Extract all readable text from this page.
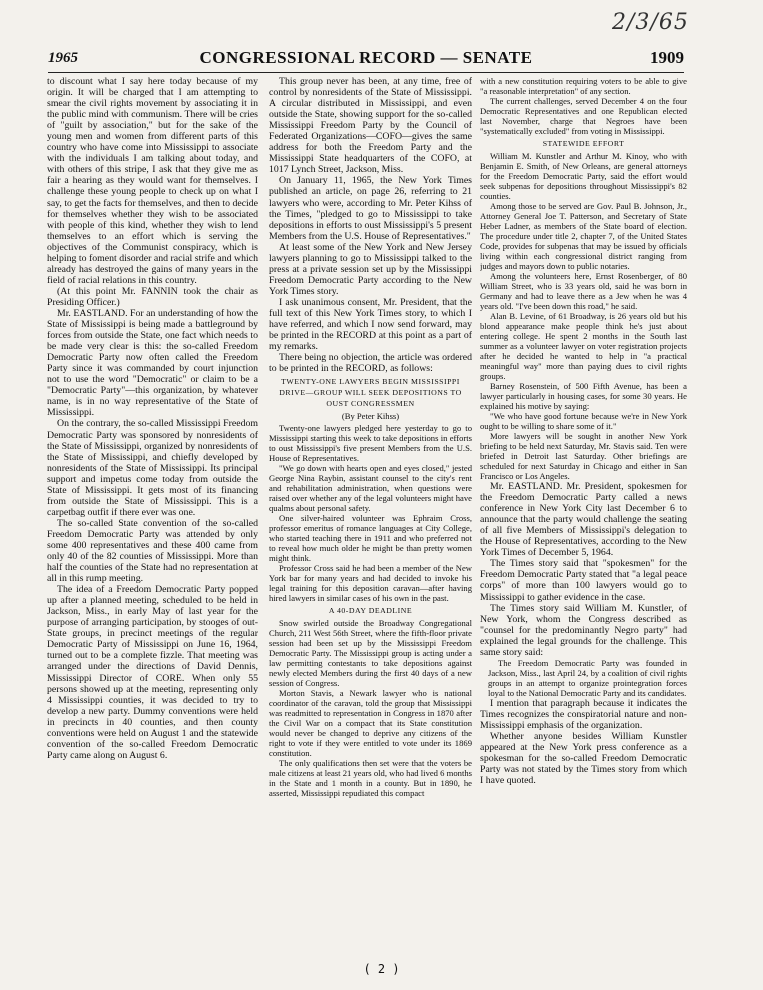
2/3/65
1965	CONGRESSIONAL RECORD — SENATE	1909

to discount what I say here today because of my origin. It will be charged that I am attempting to smear the civil rights movement by associating it in the public mind with communism. There will be cries of "guilt by association," but for the sake of the young men and women from different parts of this country who have come into Mississippi to associate with the individuals I am talking about today, and with others of this stripe, I ask that they give me as fair a hearing as they would want for themselves. I challenge these young people to check up on what I say, to get the facts for themselves, and then to decide for themselves whether they wish to be associated with people of this kind, whether they wish to lend themselves to an effort which is serving the objectives of the Communist conspiracy, which is helping to foment disorder and racial strife and which already has destroyed the gains of many years in the field of racial relations in this country.

(At this point Mr. FANNIN took the chair as Presiding Officer.)

Mr. EASTLAND. For an understanding of how the State of Mississippi is being made a battleground by forces from outside the State, one fact which needs to be made very clear is this: the so-called Freedom Democratic Party now often called the Freedom Party since it was commanded by court injunction not to use the word "Democratic" or claim to be a "Democratic Party"—this organization, by whatever name, is in no way representative of the State of Mississippi.

On the contrary, the so-called Mississippi Freedom Democratic Party was sponsored by nonresidents of the State of Mississippi, organized by nonresidents of the State of Mississippi, and chiefly developed by nonresidents of the State of Mississippi. Its principal support and impetus come today from outside the State of Mississippi. It gets most of its financing from outside the State of Mississippi. This is a carpetbag outfit if there ever was one.

The so-called State convention of the so-called Freedom Democratic Party was attended by only some 400 representatives and these 400 came from only 40 of the 82 counties of Mississippi. More than half the counties of the State had no representation at all in this rump meeting.

The idea of a Freedom Democratic Party popped up after a planned meeting, scheduled to be held in Jackson, Miss., in early May of last year for the purpose of arranging participation, by stooges of out-State groups, in precinct meetings of the regular Democratic Party of Mississippi on June 16, 1964, turned out to be a complete fizzle. That meeting was arranged under the directions of David Dennis, Mississippi Director of CORE. When only 55 persons showed up at the meeting, representing only 4 Mississippi counties, it was decided to try to develop a new party. Dummy conventions were held in precincts in 40 counties, and then county conventions were held on August 1 and the statewide convention of the so-called Freedom Democratic Party came along on August 6.

This group never has been, at any time, free of control by nonresidents of the State of Mississippi. A circular distributed in Mississippi, and even outside the State, showing support for the so-called Mississippi Freedom Party by the Council of Federated Organizations—COFO—gives the same address for both the Freedom Party and the Mississippi State headquarters of the COFO, at 1017 Lynch Street, Jackson, Miss.

On January 11, 1965, the New York Times published an article, on page 26, referring to 21 lawyers who were, according to Mr. Peter Kihss of the Times, "pledged to go to Mississippi to take depositions in efforts to oust Mississippi's 5 present Members from the U.S. House of Representatives."

At least some of the New York and New Jersey lawyers planning to go to Mississippi talked to the press at a private session set up by the Mississippi Freedom Democratic Party according to the New York Times story.

I ask unanimous consent, Mr. President, that the full text of this New York Times story, to which I have referred, and which I now send forward, may be printed in the RECORD at this point as a part of my remarks.

There being no objection, the article was ordered to be printed in the RECORD, as follows:

TWENTY-ONE LAWYERS BEGIN MISSISSIPPI DRIVE—GROUP WILL SEEK DEPOSITIONS TO OUST CONGRESSMEN

(By Peter Kihss)

Twenty-one lawyers pledged here yesterday to go to Mississippi starting this week to take depositions in efforts to oust Mississippi's five present Members from the U.S. House of Representatives.

"We go down with hearts open and eyes closed," jested George Nina Raybin, assistant counsel to the city's rent and rehabilitation administration, when questions were raised over whether any of the legal volunteers might have qualms about personal safety.

One silver-haired volunteer was Ephraim Cross, professor emeritus of romance languages at City College, who started teaching there in 1911 and who preferred not to reveal how much older he might be than pretty women might think.

Professor Cross said he had been a member of the New York bar for many years and had decided to invoke his legal training for this deposition caravan—after having hired lawyers in similar cases of his own in the past.

A 40-DAY DEADLINE

Snow swirled outside the Broadway Congregational Church, 211 West 56th Street, where the fifth-floor private session had been set up by the Mississippi Freedom Democratic Party. The Mississippi group is acting under a law permitting contestants to take depositions against newly elected Members during the first 40 days of a new session of Congress.

Morton Stavis, a Newark lawyer who is national coordinator of the caravan, told the group that Mississippi was readmitted to representation in Congress in 1870 after the Civil War on a compact that its State constitution would never be changed to deprive any citizens of the right to vote if they were entitled to vote under its 1869 constitution.

The only qualifications then set were that the voters be male citizens at least 21 years old, who had lived 6 months in the State and 1 month in a county. But in 1890, he asserted, Mississippi repudiated this compact

with a new constitution requiring voters to be able to give "a reasonable interpretation" of any section.

The current challenges, served December 4 on the four Democratic Representatives and one Republican elected last November, charge that Negroes have been "systematically excluded" from voting in Mississippi.

STATEWIDE EFFORT

William M. Kunstler and Arthur M. Kinoy, who with Benjamin E. Smith, of New Orleans, are general attorneys for the Freedom Democratic Party, said the effort would seek subpenas for depositions throughout Mississippi's 82 counties.

Among those to be served are Gov. Paul B. Johnson, Jr., Attorney General Joe T. Patterson, and Secretary of State Heber Ladner, as members of the State board of election. The procedure under title 2, chapter 7, of the United States Code, provides for subpenas that may be issued by officials living within each congressional district ranging from judges and mayors down to public notaries.

Among the volunteers here, Ernst Rosenberger, of 80 William Street, who is 33 years old, said he was born in Germany and had to leave there as a Jew when he was 4 years old. "I've been down this road," he said.

Alan B. Levine, of 61 Broadway, is 26 years old but his blond appearance make people think he's just about entering college. He spent 2 months in the South last summer as a volunteer lawyer on voter registration projects after he decided he wanted to help in "a practical meaningful way" more than paying dues to civil rights groups.

Barney Rosenstein, of 500 Fifth Avenue, has been a lawyer particularly in housing cases, for some 30 years. He explained his motive by saying:

"We who have good fortune because we're in New York ought to be willing to share some of it."

More lawyers will be sought in another New York briefing to be held next Saturday, Mr. Stavis said. Ten were briefed in Detroit last Saturday. Other briefings are scheduled for next Saturday in Chicago and either in San Francisco or Los Angeles.

Mr. EASTLAND. Mr. President, spokesmen for the Freedom Democratic Party called a news conference in New York City last December 6 to announce that the party would challenge the seating of all five Members of Mississippi's delegation to the House of Representatives, according to the New York Times of December 5, 1964.

The Times story said that "spokesmen" for the Freedom Democratic Party stated that "a legal peace corps" of more than 100 lawyers would go to Mississippi to gather evidence in the case.

The Times story said William M. Kunstler, of New York, whom the Congress described as "counsel for the predominantly Negro party" had explained the legal grounds for the challenge. This same story said:

The Freedom Democratic Party was founded in Jackson, Miss., last April 24, by a coalition of civil rights groups in an attempt to organize prointegration forces loyal to the National Democratic Party and its candidates.

I mention that paragraph because it indicates the Times recognizes the conspiratorial nature and non-Mississippi emphasis of the organization.

Whether anyone besides William Kunstler appeared at the New York press conference as a spokesman for the so-called Freedom Democratic Party was not stated by the Times story from which I have quoted.

( 2 )
